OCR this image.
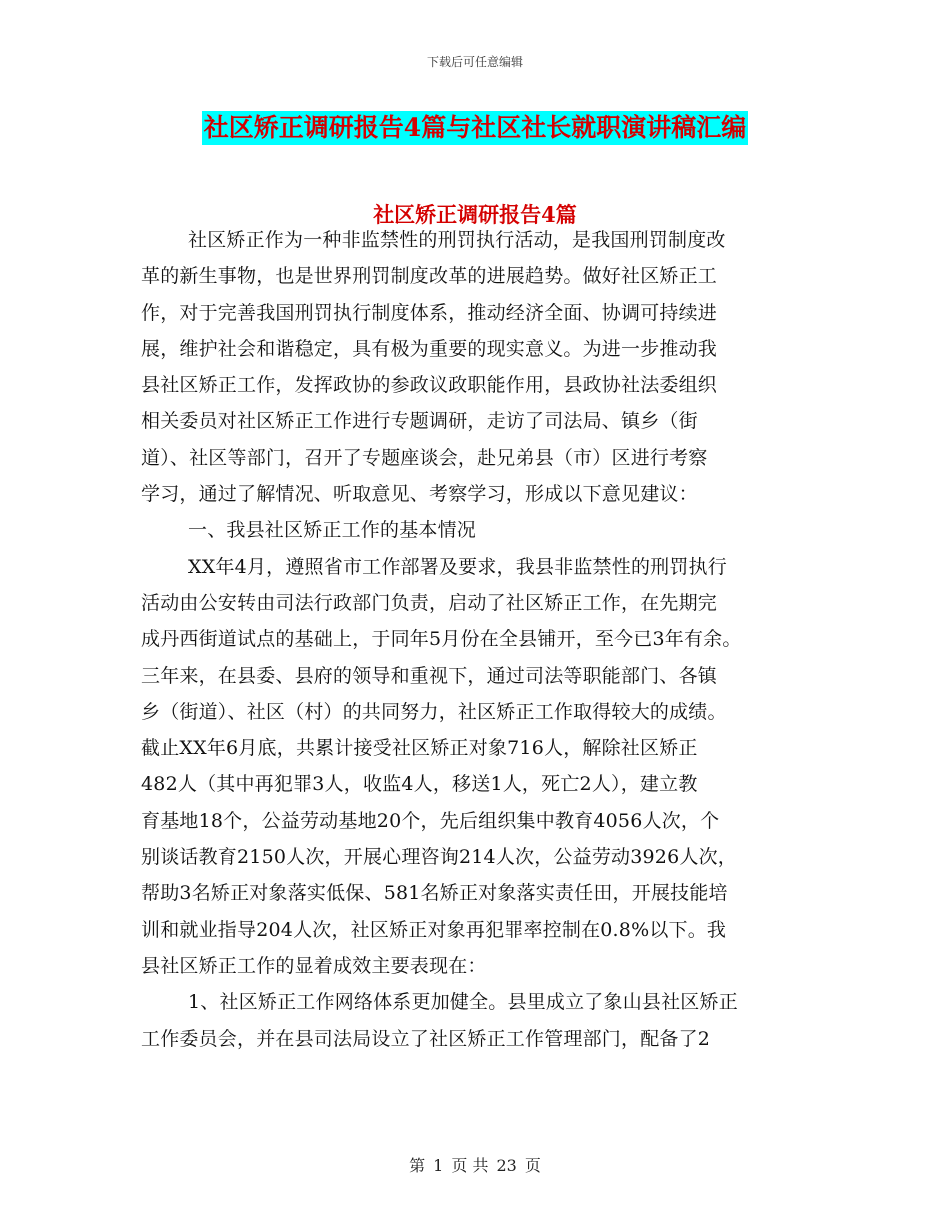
下载后可任意编辑
社区矫正调研报告4篇与社区社长就职演讲稿汇编
社区矫正调研报告4篇
社区矫正作为一种非监禁性的刑罚执行活动，是我国刑罚制度改
革的新生事物，也是世界刑罚制度改革的进展趋势。做好社区矫正工
作，对于完善我国刑罚执行制度体系，推动经济全面、协调可持续进
展，维护社会和谐稳定，具有极为重要的现实意义。为进一步推动我
县社区矫正工作，发挥政协的参政议政职能作用，县政协社法委组织
相关委员对社区矫正工作进行专题调研，走访了司法局、镇乡（街
道）、社区等部门，召开了专题座谈会，赴兄弟县（市）区进行考察
学习，通过了解情况、听取意见、考察学习，形成以下意见建议：
一、我县社区矫正工作的基本情况
XX年4月，遵照省市工作部署及要求，我县非监禁性的刑罚执行
活动由公安转由司法行政部门负责，启动了社区矫正工作，在先期完
成丹西街道试点的基础上，于同年5月份在全县铺开，至今已3年有余。
三年来，在县委、县府的领导和重视下，通过司法等职能部门、各镇
乡（街道）、社区（村）的共同努力，社区矫正工作取得较大的成绩。
截止XX年6月底，共累计接受社区矫正对象716人，解除社区矫正
482人（其中再犯罪3人，收监4人，移送1人，死亡2人），建立教
育基地18个，公益劳动基地20个，先后组织集中教育4056人次，个
别谈话教育2150人次，开展心理咨询214人次，公益劳动3926人次，
帮助3名矫正对象落实低保、581名矫正对象落实责任田，开展技能培
训和就业指导204人次，社区矫正对象再犯罪率控制在0.8%以下。我
县社区矫正工作的显着成效主要表现在：
1、社区矫正工作网络体系更加健全。县里成立了象山县社区矫正
工作委员会，并在县司法局设立了社区矫正工作管理部门，配备了2
第 1 页 共 23 页
